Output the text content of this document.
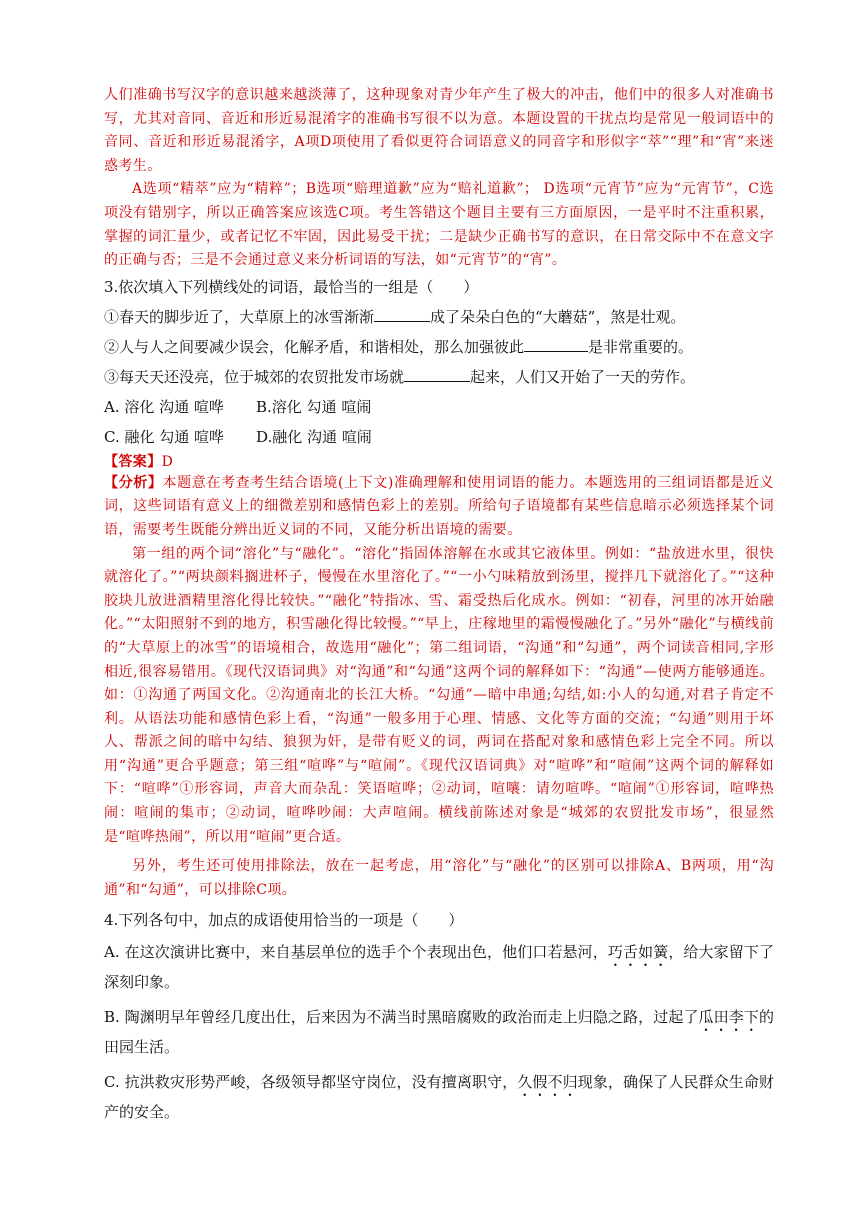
人们准确书写汉字的意识越来越淡薄了，这种现象对青少年产生了极大的冲击，他们中的很多人对准确书写，尤其对音同、音近和形近易混淆字的准确书写很不以为意。本题设置的干扰点均是常见一般词语中的音同、音近和形近易混淆字，A项D项使用了看似更符合词语意义的同音字和形似字“萃”“理”和“宵”来迷惑考生。

A选项“精萃”应为“精粹”；B选项“赔理道歉”应为“赔礼道歉”； D选项“元宵节”应为“元宵节”，C选项没有错别字，所以正确答案应该选C项。考生答错这个题目主要有三方面原因，一是平时不注重积累，掌握的词汇量少，或者记忆不牢固，因此易受干扰；二是缺少正确书写的意识，在日常交际中不在意文字的正确与否；三是不会通过意义来分析词语的写法，如“元宵节”的“宵”。

3.依次填入下列横线处的词语，最恰当的一组是（　　）

①春天的脚步近了，大草原上的冰雪渐渐	成了朵朵白色的“大蘑菇”，煞是壮观。

②人与人之间要减少误会，化解矛盾，和谐相处，那么加强彼此	是非常重要的。

③每天天还没亮，位于城郊的农贸批发市场就	起来，人们又开始了一天的劳作。

A. 溶化 沟通 喧哗 B.溶化 勾通 喧闹

C. 融化 勾通 喧哗 D.融化 沟通 喧闹

【答案】D

【分析】本题意在考查考生结合语境(上下文)准确理解和使用词语的能力。本题选用的三组词语都是近义词，这些词语有意义上的细微差别和感情色彩上的差别。所给句子语境都有某些信息暗示必须选择某个词语，需要考生既能分辨出近义词的不同，又能分析出语境的需要。

第一组的两个词“溶化”与“融化”。“溶化”指固体溶解在水或其它液体里。例如：“盐放进水里，很快就溶化了。”“两块颜料搁进杯子，慢慢在水里溶化了。”“一小勺味精放到汤里，搅拌几下就溶化了。”“这种胶块儿放进酒精里溶化得比较快。”“融化”特指冰、雪、霜受热后化成水。例如：“初春，河里的冰开始融化。”“太阳照射不到的地方，积雪融化得比较慢。”“早上，庄稼地里的霜慢慢融化了。”另外“融化”与横线前的“大草原上的冰雪”的语境相合，故选用“融化”；第二组词语，“沟通”和“勾通”，两个词读音相同,字形相近,很容易错用。《现代汉语词典》对“沟通”和“勾通”这两个词的解释如下：“沟通”—使两方能够通连。如：①沟通了两国文化。②沟通南北的长江大桥。“勾通”—暗中串通;勾结,如:小人的勾通,对君子肯定不利。从语法功能和感情色彩上看，“沟通”一般多用于心理、情感、文化等方面的交流；“勾通”则用于坏人、帮派之间的暗中勾结、狼狈为奸，是带有贬义的词，两词在搭配对象和感情色彩上完全不同。所以用“沟通”更合乎题意；第三组“喧哗”与“喧闹”。《现代汉语词典》对“喧哗”和“喧闹”这两个词的解释如下：“喧哗”①形容词，声音大而杂乱：笑语喧哗；②动词，喧嚷：请勿喧哗。“喧闹”①形容词，喧哗热闹：喧闹的集市；②动词，喧哗吵闹：大声喧闹。横线前陈述对象是“城郊的农贸批发市场”，很显然是“喧哗热闹”，所以用“喧闹”更合适。

另外，考生还可使用排除法，放在一起考虑，用“溶化”与“融化”的区别可以排除A、B两项，用“沟通”和“勾通”，可以排除C项。

4.下列各句中，加点的成语使用恰当的一项是（　　）

A. 在这次演讲比赛中，来自基层单位的选手个个表现出色，他们口若悬河，巧舌如簧，给大家留下了深刻印象。

B. 陶渊明早年曾经几度出仕，后来因为不满当时黑暗腐败的政治而走上归隐之路，过起了瓜田李下的田园生活。

C. 抗洪救灾形势严峻，各级领导都坚守岗位，没有擅离职守，久假不归现象，确保了人民群众生命财产的安全。
